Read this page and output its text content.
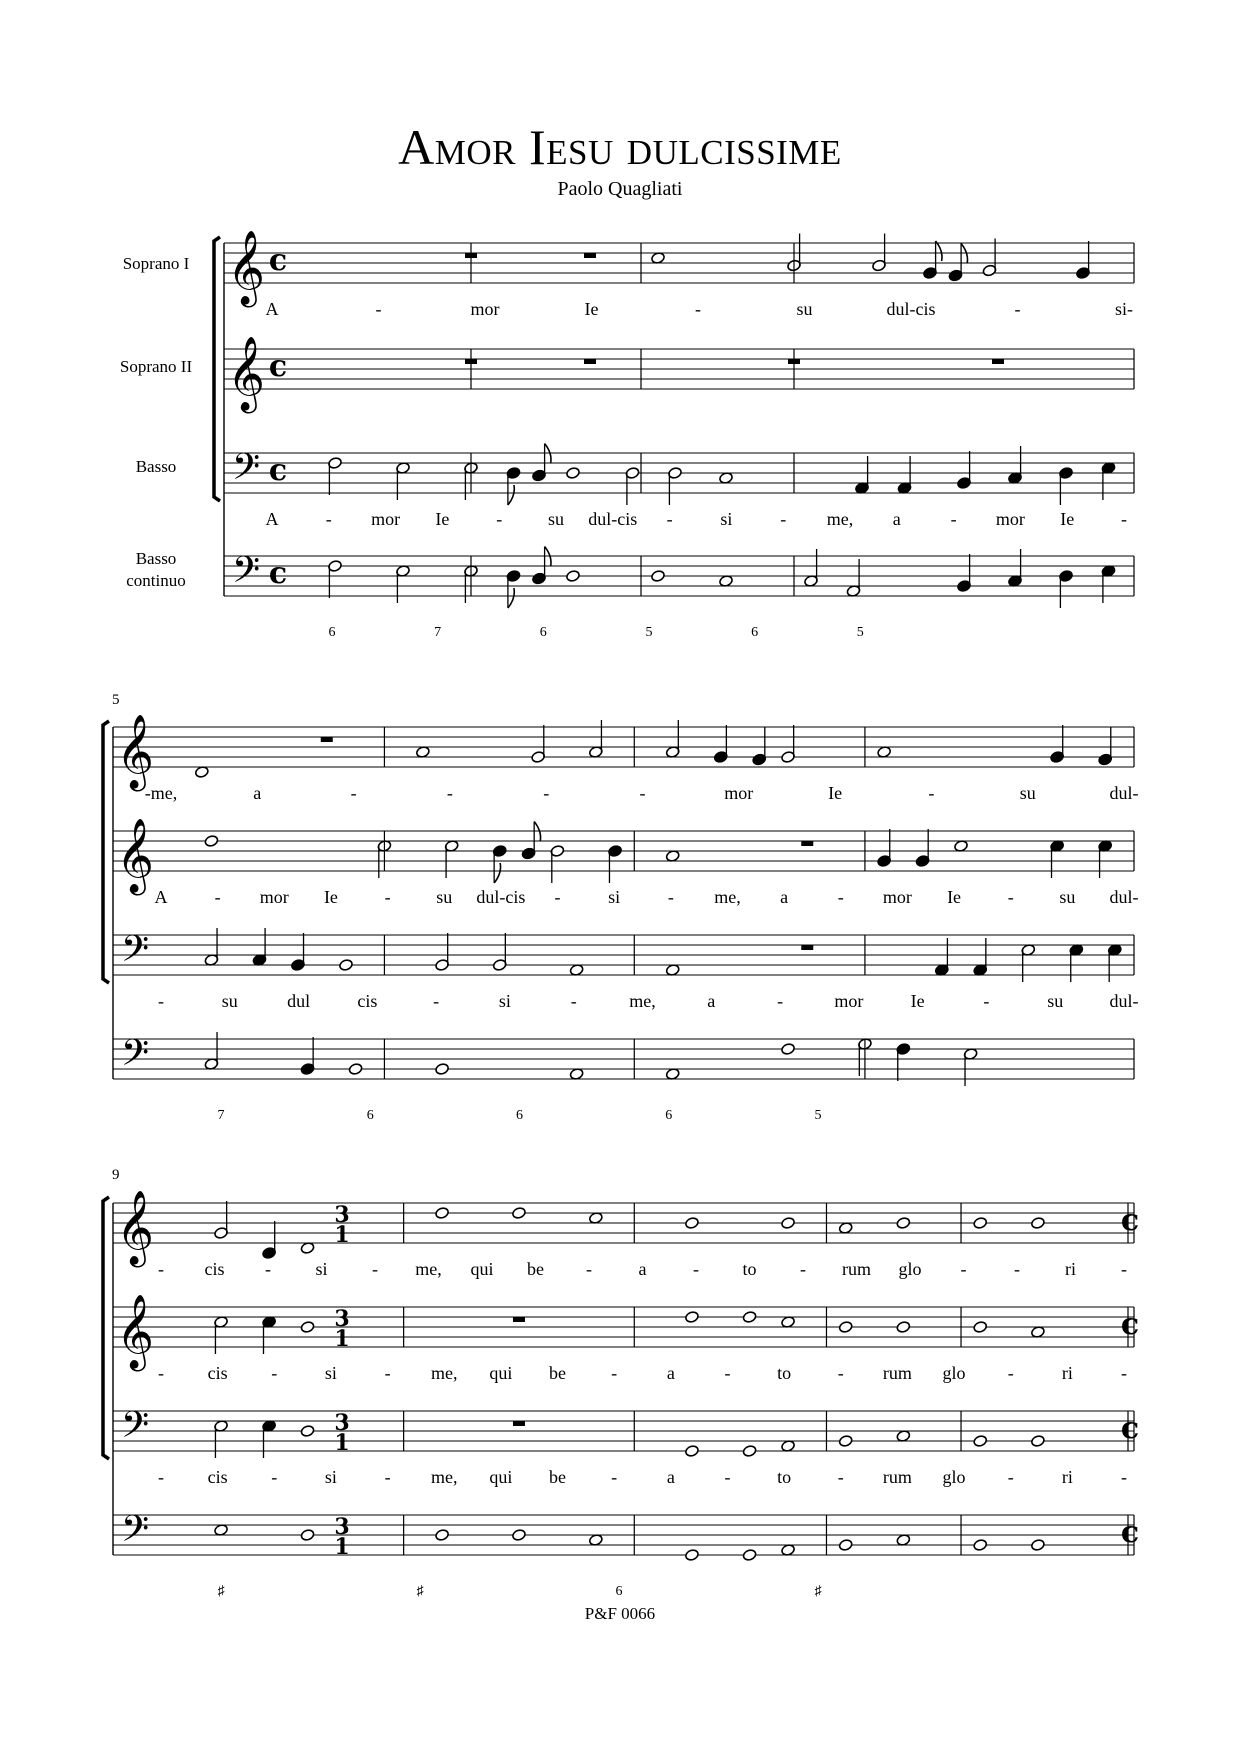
𝄞 c
𝄞 c
𝄢 c
𝄢 c
𝄞
𝄞
𝄢
𝄢
𝄞	3
1	c
𝄞	3
1	c
𝄢	3
1	c
𝄢	3
1	c
A	-	mor	Ie	-	su	dul-cis	-	si-
A	- mor Ie	-	su dul-cis -	si	- me, a	- mor Ie	-
6	7	6	5	6	5
-me,	a	-	-	-	-	mor	Ie	-	su	dul-
A	- mor Ie	-	su dul-cis -	si	- me, a	- mor Ie	-	su dul-
-	su	dul	cis	-	si	-	me,	a	-	mor	Ie	-	su	dul-
7	6	6	6	5
- cis - si - me, qui be -	a	- to - rum glo -	-	ri	-
- cis -	si	- me, qui be	-	a	-	to	- rum glo -	ri	-
- cis -	si	- me, qui be	-	a	-	to	- rum glo -	ri	-
♯	♯	6	♯
Amor Iesu dulcissime
Paolo Quagliati
Soprano I
Soprano II
Basso
Basso continuo
5
9
P&F 0066
